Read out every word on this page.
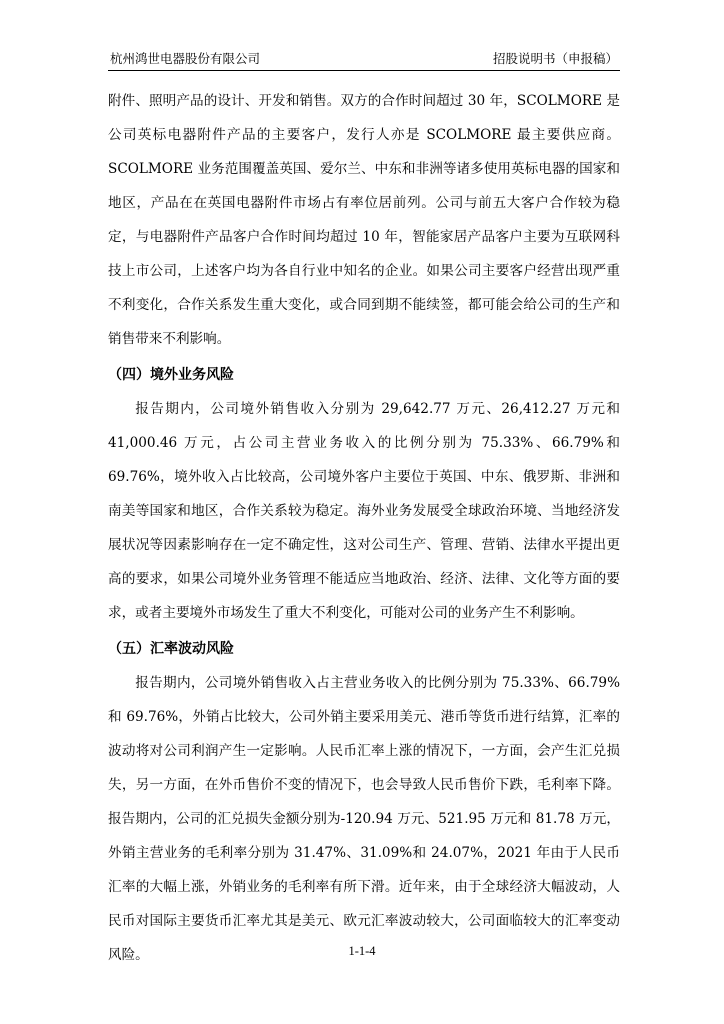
杭州鸿世电器股份有限公司	招股说明书（申报稿）

附件、照明产品的设计、开发和销售。双方的合作时间超过 30 年，SCOLMORE 是公司英标电器附件产品的主要客户，发行人亦是 SCOLMORE 最主要供应商。SCOLMORE 业务范围覆盖英国、爱尔兰、中东和非洲等诸多使用英标电器的国家和地区，产品在在英国电器附件市场占有率位居前列。公司与前五大客户合作较为稳定，与电器附件产品客户合作时间均超过 10 年，智能家居产品客户主要为互联网科技上市公司，上述客户均为各自行业中知名的企业。如果公司主要客户经营出现严重不利变化，合作关系发生重大变化，或合同到期不能续签，都可能会给公司的生产和销售带来不利影响。

（四）境外业务风险

报告期内，公司境外销售收入分别为 29,642.77 万元、26,412.27 万元和 41,000.46 万元，占公司主营业务收入的比例分别为 75.33%、66.79%和 69.76%，境外收入占比较高，公司境外客户主要位于英国、中东、俄罗斯、非洲和南美等国家和地区，合作关系较为稳定。海外业务发展受全球政治环境、当地经济发展状况等因素影响存在一定不确定性，这对公司生产、管理、营销、法律水平提出更高的要求，如果公司境外业务管理不能适应当地政治、经济、法律、文化等方面的要求，或者主要境外市场发生了重大不利变化，可能对公司的业务产生不利影响。

（五）汇率波动风险

报告期内，公司境外销售收入占主营业务收入的比例分别为 75.33%、66.79% 和 69.76%，外销占比较大，公司外销主要采用美元、港币等货币进行结算，汇率的波动将对公司利润产生一定影响。人民币汇率上涨的情况下，一方面，会产生汇兑损失，另一方面，在外币售价不变的情况下，也会导致人民币售价下跌，毛利率下降。报告期内，公司的汇兑损失金额分别为-120.94 万元、521.95 万元和 81.78 万元，外销主营业务的毛利率分别为 31.47%、31.09%和 24.07%，2021 年由于人民币汇率的大幅上涨，外销业务的毛利率有所下滑。近年来，由于全球经济大幅波动，人民币对国际主要货币汇率尤其是美元、欧元汇率波动较大，公司面临较大的汇率变动风险。	1-1-4
